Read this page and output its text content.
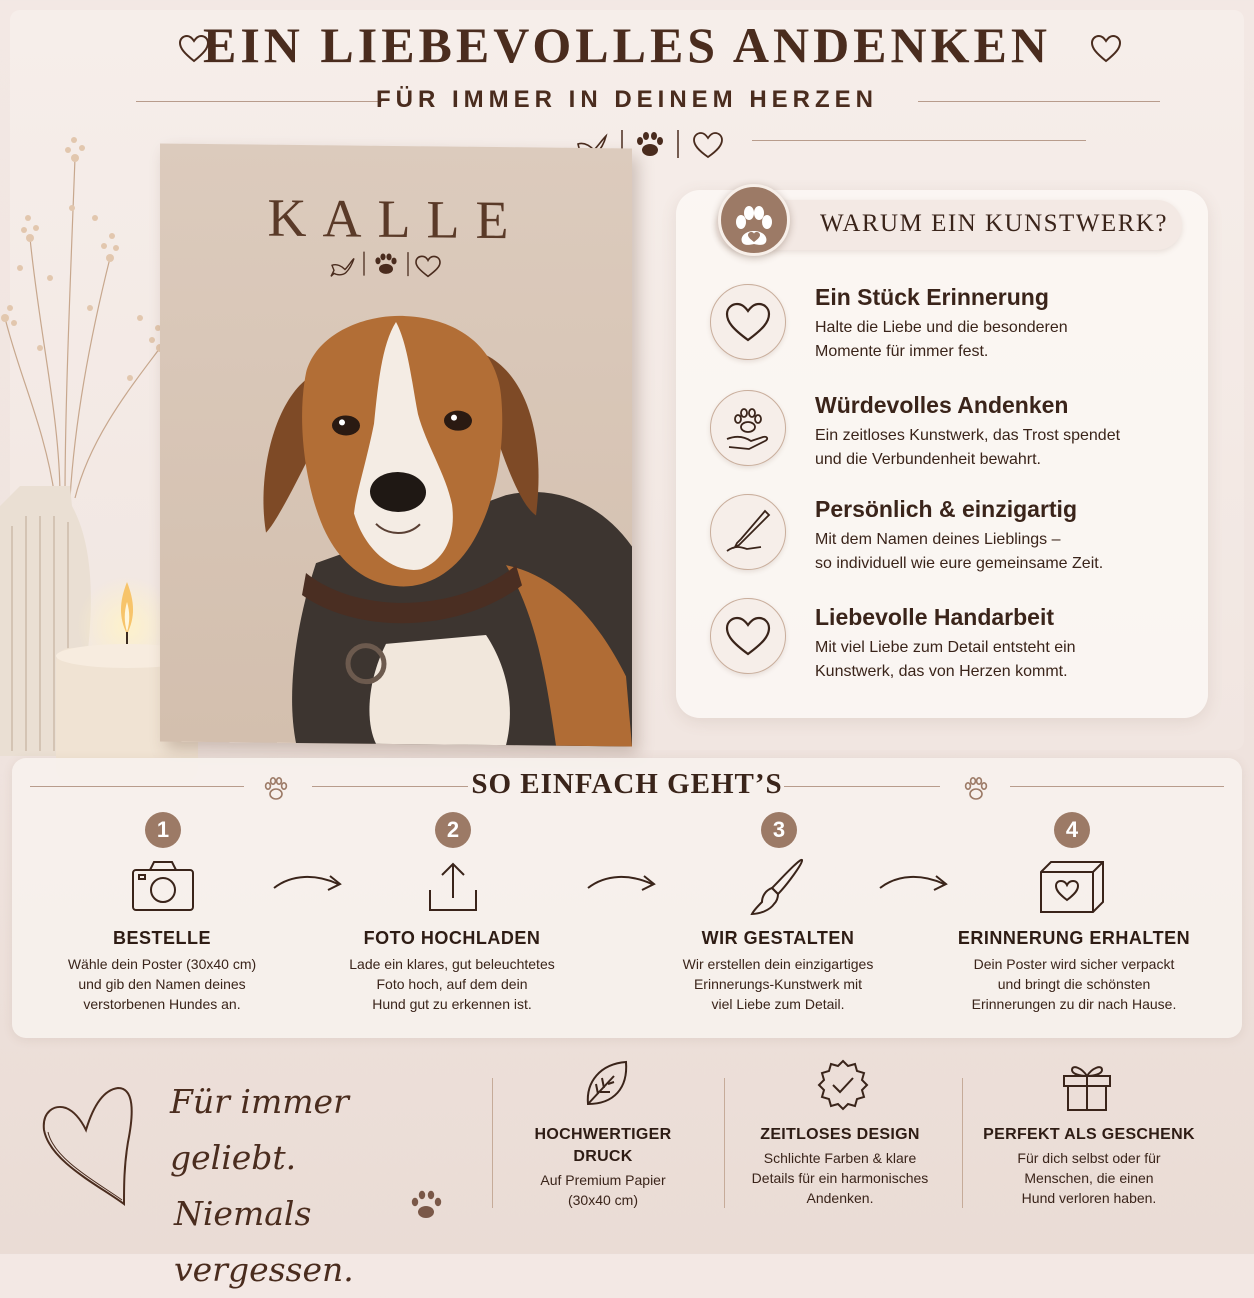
EIN LIEBEVOLLES ANDENKEN
FÜR IMMER IN DEINEM HERZEN
KALLE	WARUM EIN KUNSTWERK?
Ein Stück Erinnerung
Halte die Liebe und die besonderen
Momente für immer fest.
Würdevolles Andenken
Ein zeitloses Kunstwerk, das Trost spendet
und die Verbundenheit bewahrt.
Persönlich & einzigartig
Mit dem Namen deines Lieblings –
so individuell wie eure gemeinsame Zeit.
Liebevolle Handarbeit
Mit viel Liebe zum Detail entsteht ein
Kunstwerk, das von Herzen kommt.
SO EINFACH GEHT’S
1
BESTELLE
Wähle dein Poster (30x40 cm)
und gib den Namen deines
verstorbenen Hundes an.
2
FOTO HOCHLADEN
Lade ein klares, gut beleuchtetes
Foto hoch, auf dem dein
Hund gut zu erkennen ist.
3
WIR GESTALTEN
Wir erstellen dein einzigartiges
Erinnerungs-Kunstwerk mit
viel Liebe zum Detail.
4
ERINNERUNG ERHALTEN
Dein Poster wird sicher verpackt
und bringt die schönsten
Erinnerungen zu dir nach Hause.
Für immer geliebt.
Niemals vergessen.
HOCHWERTIGER
DRUCK
Auf Premium Papier
(30x40 cm)
ZEITLOSES DESIGN
Schlichte Farben & klare
Details für ein harmonisches
Andenken.
PERFEKT ALS GESCHENK
Für dich selbst oder für
Menschen, die einen
Hund verloren haben.
